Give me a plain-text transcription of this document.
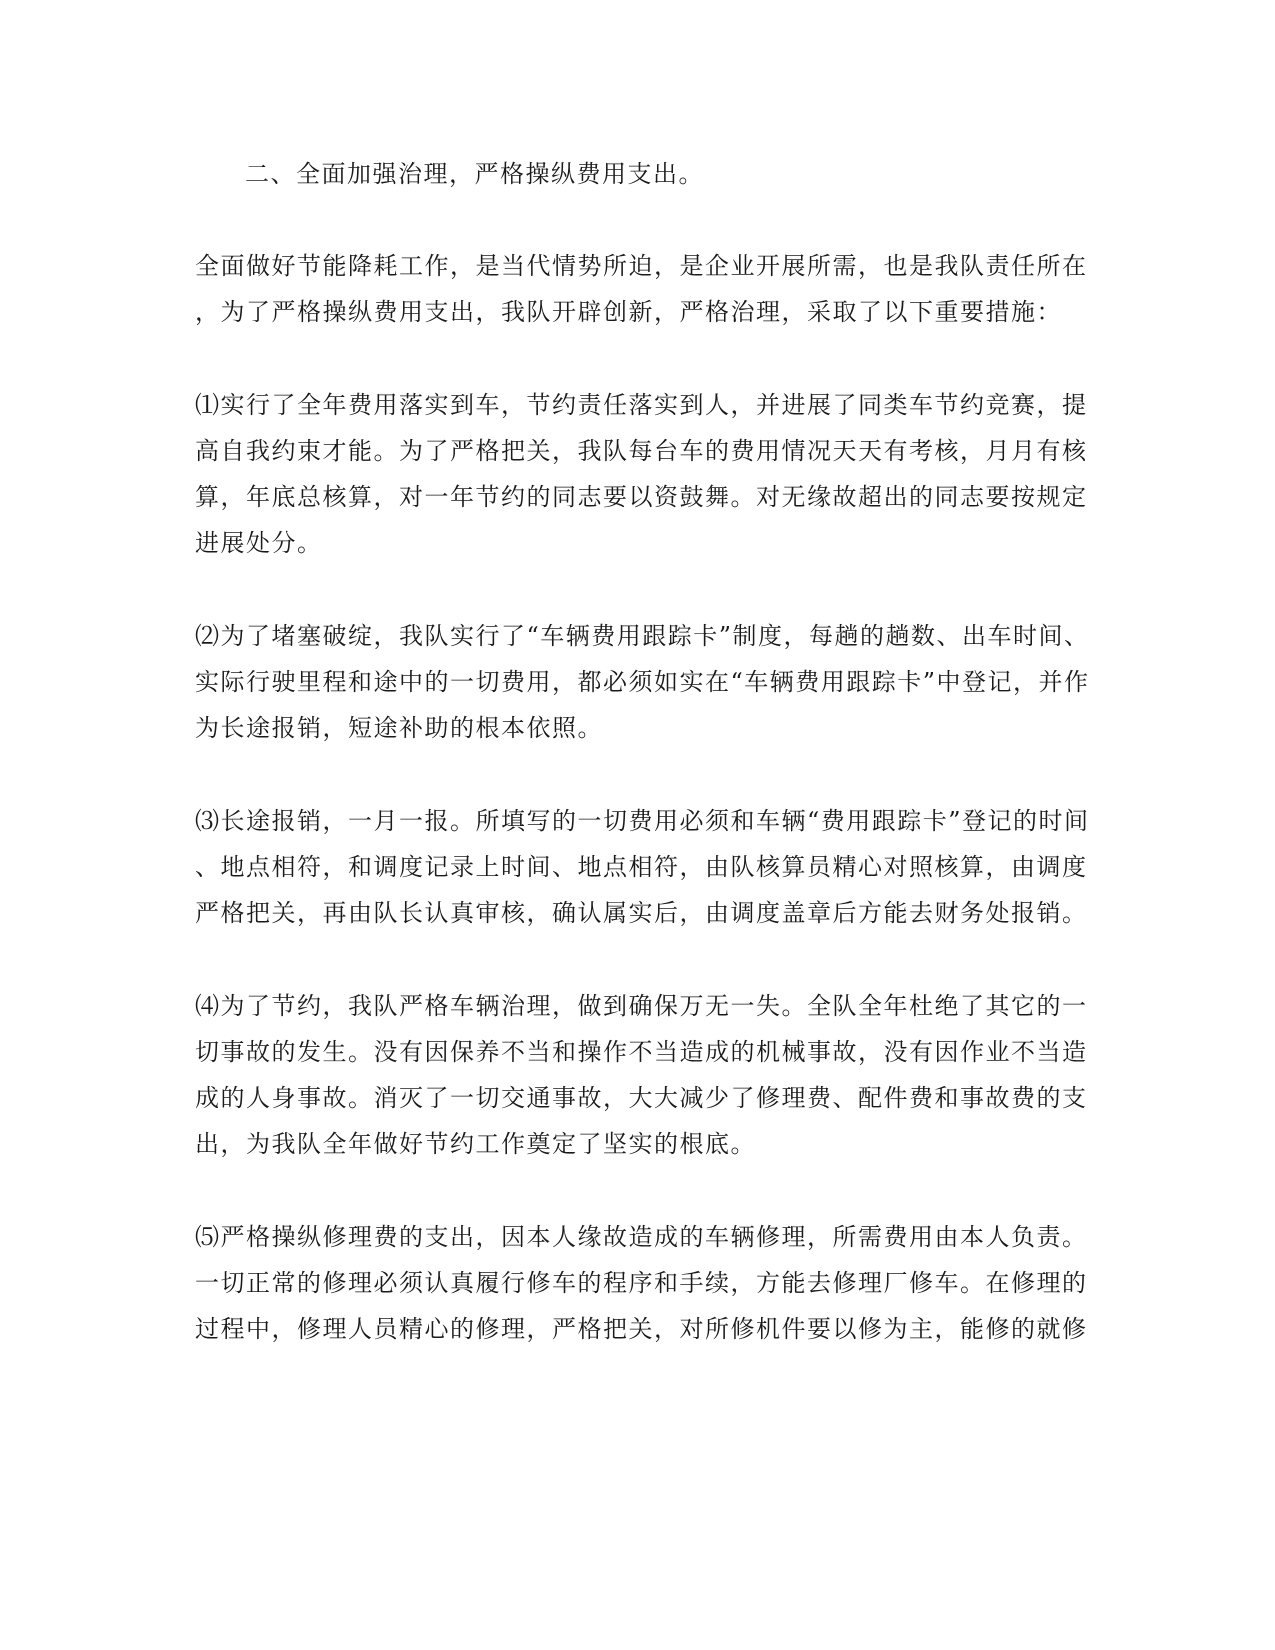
二、全面加强治理，严格操纵费用支出。
全面做好节能降耗工作，是当代情势所迫，是企业开展所需，也是我队责任所在
，为了严格操纵费用支出，我队开辟创新，严格治理，采取了以下重要措施：
⑴实行了全年费用落实到车，节约责任落实到人，并进展了同类车节约竞赛，提
高自我约束才能。为了严格把关，我队每台车的费用情况天天有考核，月月有核
算，年底总核算，对一年节约的同志要以资鼓舞。对无缘故超出的同志要按规定
进展处分。
⑵为了堵塞破绽，我队实行了“车辆费用跟踪卡”制度，每趟的趟数、出车时间、
实际行驶里程和途中的一切费用，都必须如实在“车辆费用跟踪卡”中登记，并作
为长途报销，短途补助的根本依照。
⑶长途报销，一月一报。所填写的一切费用必须和车辆“费用跟踪卡”登记的时间
、地点相符，和调度记录上时间、地点相符，由队核算员精心对照核算，由调度
严格把关，再由队长认真审核，确认属实后，由调度盖章后方能去财务处报销。
⑷为了节约，我队严格车辆治理，做到确保万无一失。全队全年杜绝了其它的一
切事故的发生。没有因保养不当和操作不当造成的机械事故，没有因作业不当造
成的人身事故。消灭了一切交通事故，大大减少了修理费、配件费和事故费的支
出，为我队全年做好节约工作奠定了坚实的根底。
⑸严格操纵修理费的支出，因本人缘故造成的车辆修理，所需费用由本人负责。
一切正常的修理必须认真履行修车的程序和手续，方能去修理厂修车。在修理的
过程中，修理人员精心的修理，严格把关，对所修机件要以修为主，能修的就修
